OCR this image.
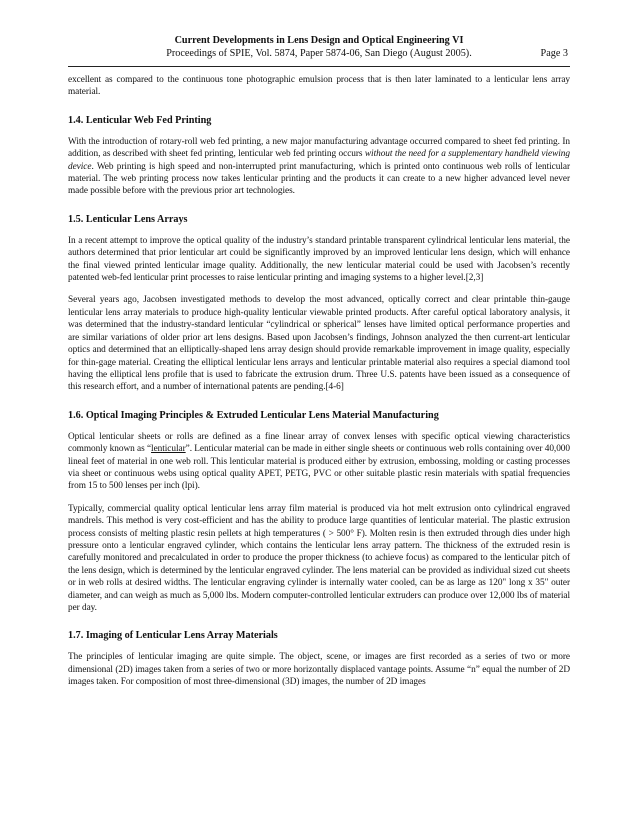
Current Developments in Lens Design and Optical Engineering VI
Proceedings of SPIE, Vol. 5874, Paper 5874-06, San Diego (August 2005).	Page 3

excellent as compared to the continuous tone photographic emulsion process that is then later laminated to a lenticular lens array material.

1.4. Lenticular Web Fed Printing

With the introduction of rotary-roll web fed printing, a new major manufacturing advantage occurred compared to sheet fed printing. In addition, as described with sheet fed printing, lenticular web fed printing occurs without the need for a supplementary handheld viewing device. Web printing is high speed and non-interrupted print manufacturing, which is printed onto continuous web rolls of lenticular material. The web printing process now takes lenticular printing and the products it can create to a new higher advanced level never made possible before with the previous prior art technologies.

1.5. Lenticular Lens Arrays

In a recent attempt to improve the optical quality of the industry’s standard printable transparent cylindrical lenticular lens material, the authors determined that prior lenticular art could be significantly improved by an improved lenticular lens design, which will enhance the final viewed printed lenticular image quality. Additionally, the new lenticular material could be used with Jacobsen’s recently patented web-fed lenticular print processes to raise lenticular printing and imaging systems to a higher level.[2,3]

Several years ago, Jacobsen investigated methods to develop the most advanced, optically correct and clear printable thin-gauge lenticular lens array materials to produce high-quality lenticular viewable printed products. After careful optical laboratory analysis, it was determined that the industry-standard lenticular “cylindrical or spherical” lenses have limited optical performance properties and are similar variations of older prior art lens designs. Based upon Jacobsen’s findings, Johnson analyzed the then current-art lenticular optics and determined that an elliptically-shaped lens array design should provide remarkable improvement in image quality, especially for thin-gage material. Creating the elliptical lenticular lens arrays and lenticular printable material also requires a special diamond tool having the elliptical lens profile that is used to fabricate the extrusion drum. Three U.S. patents have been issued as a consequence of this research effort, and a number of international patents are pending.[4-6]

1.6. Optical Imaging Principles & Extruded Lenticular Lens Material Manufacturing

Optical lenticular sheets or rolls are defined as a fine linear array of convex lenses with specific optical viewing characteristics commonly known as “lenticular”. Lenticular material can be made in either single sheets or continuous web rolls containing over 40,000 lineal feet of material in one web roll. This lenticular material is produced either by extrusion, embossing, molding or casting processes via sheet or continuous webs using optical quality APET, PETG, PVC or other suitable plastic resin materials with spatial frequencies from 15 to 500 lenses per inch (lpi).

Typically, commercial quality optical lenticular lens array film material is produced via hot melt extrusion onto cylindrical engraved mandrels. This method is very cost-efficient and has the ability to produce large quantities of lenticular material. The plastic extrusion process consists of melting plastic resin pellets at high temperatures ( > 500° F). Molten resin is then extruded through dies under high pressure onto a lenticular engraved cylinder, which contains the lenticular lens array pattern. The thickness of the extruded resin is carefully monitored and precalculated in order to produce the proper thickness (to achieve focus) as compared to the lenticular pitch of the lens design, which is determined by the lenticular engraved cylinder. The lens material can be provided as individual sized cut sheets or in web rolls at desired widths. The lenticular engraving cylinder is internally water cooled, can be as large as 120" long x 35" outer diameter, and can weigh as much as 5,000 lbs. Modern computer-controlled lenticular extruders can produce over 12,000 lbs of material per day.

1.7. Imaging of Lenticular Lens Array Materials

The principles of lenticular imaging are quite simple. The object, scene, or images are first recorded as a series of two or more dimensional (2D) images taken from a series of two or more horizontally displaced vantage points. Assume “n” equal the number of 2D images taken. For composition of most three-dimensional (3D) images, the number of 2D images
